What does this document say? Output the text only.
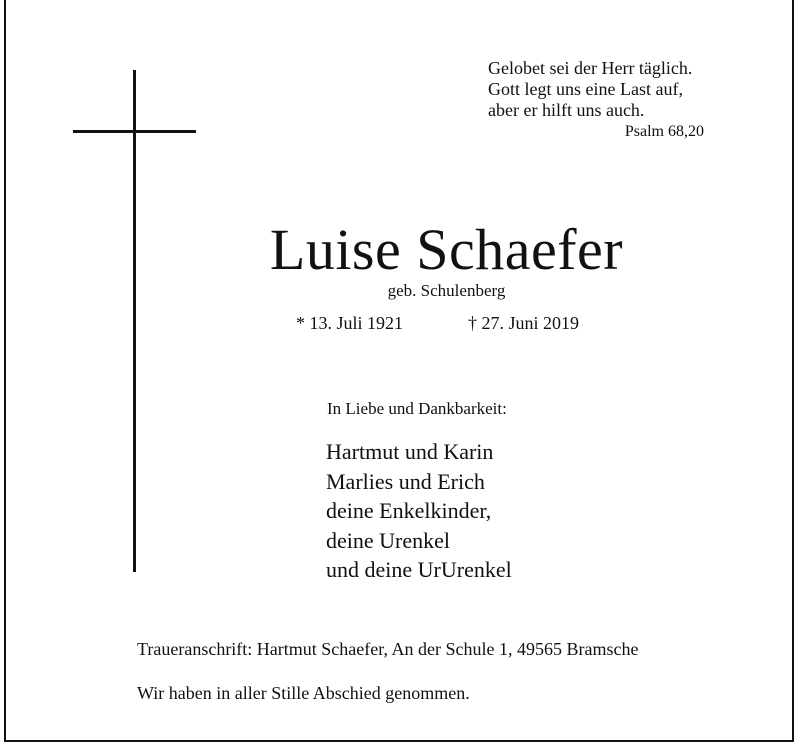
Gelobet sei der Herr täglich.
Gott legt uns eine Last auf,
aber er hilft uns auch.
Psalm 68,20
Luise Schaefer
geb. Schulenberg
* 13. Juli 1921	† 27. Juni 2019
In Liebe und Dankbarkeit:
Hartmut und Karin
Marlies und Erich
deine Enkelkinder,
deine Urenkel
und deine UrUrenkel
Traueranschrift: Hartmut Schaefer, An der Schule 1, 49565 Bramsche
Wir haben in aller Stille Abschied genommen.
